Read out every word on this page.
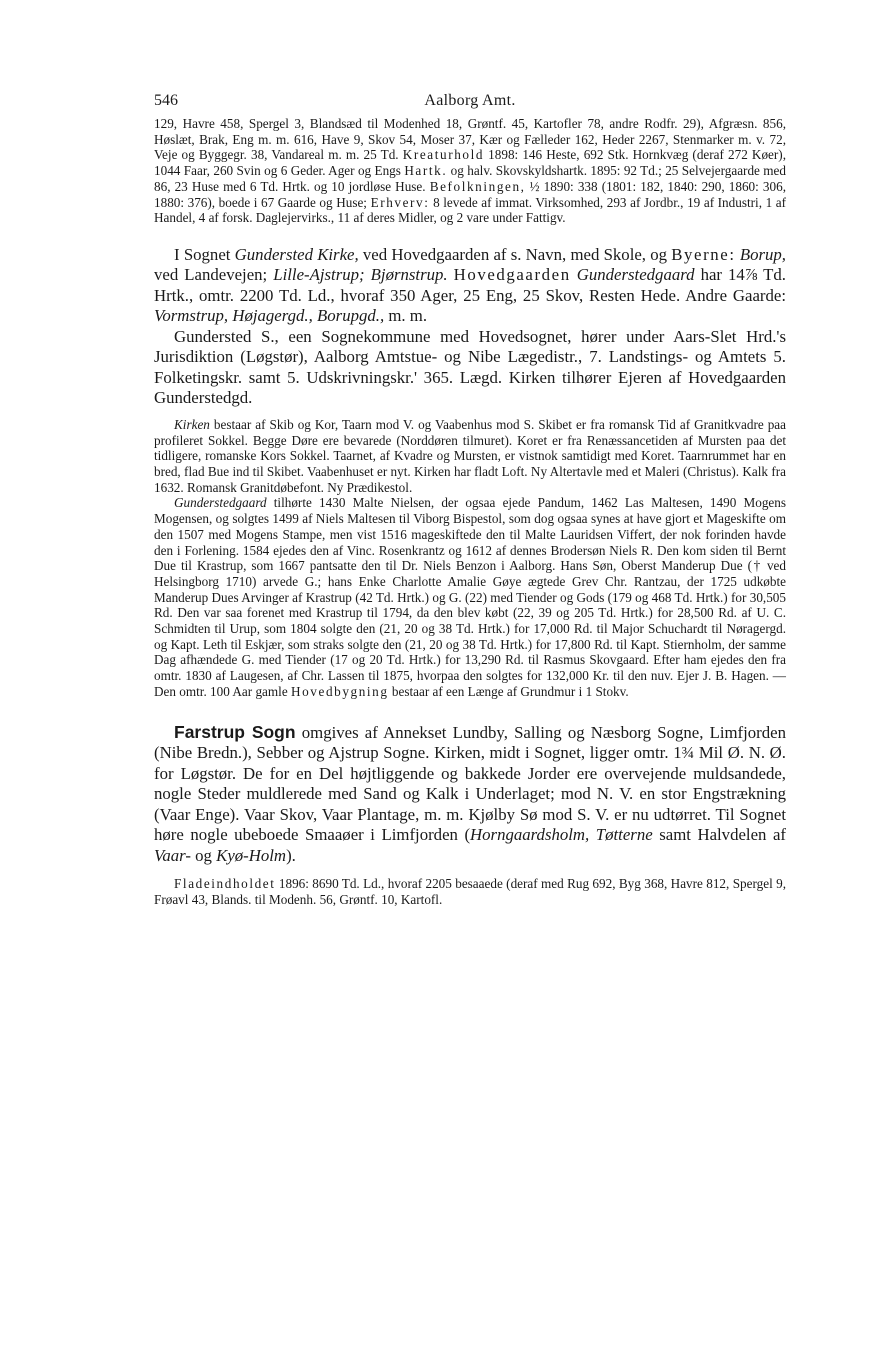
546	Aalborg Amt.

129, Havre 458, Spergel 3, Blandsæd til Modenhed 18, Grøntf. 45, Kartofler 78, andre Rodfr. 29), Afgræsn. 856, Høslæt, Brak, Eng m. m. 616, Have 9, Skov 54, Moser 37, Kær og Fælleder 162, Heder 2267, Stenmarker m. v. 72, Veje og Byggegr. 38, Vandareal m. m. 25 Td. Kreaturhold 1898: 146 Heste, 692 Stk. Hornkvæg (deraf 272 Køer), 1044 Faar, 260 Svin og 6 Geder. Ager og Engs Hartk. og halv. Skovskyldshartk. 1895: 92 Td.; 25 Selvejergaarde med 86, 23 Huse med 6 Td. Hrtk. og 10 jordløse Huse. Befolkningen, ½ 1890: 338 (1801: 182, 1840: 290, 1860: 306, 1880: 376), boede i 67 Gaarde og Huse; Erhverv: 8 levede af immat. Virksomhed, 293 af Jordbr., 19 af Industri, 1 af Handel, 4 af forsk. Daglejervirks., 11 af deres Midler, og 2 vare under Fattigv.

I Sognet Gundersted Kirke, ved Hovedgaarden af s. Navn, med Skole, og Byerne: Borup, ved Landevejen; Lille-Ajstrup; Bjørnstrup. Hovedgaarden Gunderstedgaard har 14⅞ Td. Hrtk., omtr. 2200 Td. Ld., hvoraf 350 Ager, 25 Eng, 25 Skov, Resten Hede. Andre Gaarde: Vormstrup, Højagergd., Borupgd., m. m.

Gundersted S., een Sognekommune med Hovedsognet, hører under Aars-Slet Hrd.'s Jurisdiktion (Løgstør), Aalborg Amtstue- og Nibe Lægedistr., 7. Landstings- og Amtets 5. Folketingskr. samt 5. Udskrivningskr.' 365. Lægd. Kirken tilhører Ejeren af Hovedgaarden Gunderstedgd.

Kirken bestaar af Skib og Kor, Taarn mod V. og Vaabenhus mod S. Skibet er fra romansk Tid af Granitkvadre paa profileret Sokkel. Begge Døre ere bevarede (Norddøren tilmuret). Koret er fra Renæssancetiden af Mursten paa det tidligere, romanske Kors Sokkel. Taarnet, af Kvadre og Mursten, er vistnok samtidigt med Koret. Taarnrummet har en bred, flad Bue ind til Skibet. Vaabenhuset er nyt. Kirken har fladt Loft. Ny Altertavle med et Maleri (Christus). Kalk fra 1632. Romansk Granitdøbefont. Ny Prædikestol.

Gunderstedgaard tilhørte 1430 Malte Nielsen, der ogsaa ejede Pandum, 1462 Las Maltesen, 1490 Mogens Mogensen, og solgtes 1499 af Niels Maltesen til Viborg Bispestol, som dog ogsaa synes at have gjort et Mageskifte om den 1507 med Mogens Stampe, men vist 1516 mageskiftede den til Malte Lauridsen Viffert, der nok forinden havde den i Forlening. 1584 ejedes den af Vinc. Rosenkrantz og 1612 af dennes Brodersøn Niels R. Den kom siden til Bernt Due til Krastrup, som 1667 pantsatte den til Dr. Niels Benzon i Aalborg. Hans Søn, Oberst Manderup Due († ved Helsingborg 1710) arvede G.; hans Enke Charlotte Amalie Gøye ægtede Grev Chr. Rantzau, der 1725 udkøbte Manderup Dues Arvinger af Krastrup (42 Td. Hrtk.) og G. (22) med Tiender og Gods (179 og 468 Td. Hrtk.) for 30,505 Rd. Den var saa forenet med Krastrup til 1794, da den blev købt (22, 39 og 205 Td. Hrtk.) for 28,500 Rd. af U. C. Schmidten til Urup, som 1804 solgte den (21, 20 og 38 Td. Hrtk.) for 17,000 Rd. til Major Schuchardt til Nøragergd. og Kapt. Leth til Eskjær, som straks solgte den (21, 20 og 38 Td. Hrtk.) for 17,800 Rd. til Kapt. Stiernholm, der samme Dag afhændede G. med Tiender (17 og 20 Td. Hrtk.) for 13,290 Rd. til Rasmus Skovgaard. Efter ham ejedes den fra omtr. 1830 af Laugesen, af Chr. Lassen til 1875, hvorpaa den solgtes for 132,000 Kr. til den nuv. Ejer J. B. Hagen. — Den omtr. 100 Aar gamle Hovedbygning bestaar af een Længe af Grundmur i 1 Stokv.

Farstrup Sogn omgives af Annekset Lundby, Salling og Næsborg Sogne, Limfjorden (Nibe Bredn.), Sebber og Ajstrup Sogne. Kirken, midt i Sognet, ligger omtr. 1¾ Mil Ø. N. Ø. for Løgstør. De for en Del højtliggende og bakkede Jorder ere overvejende muldsandede, nogle Steder muldlerede med Sand og Kalk i Underlaget; mod N. V. en stor Engstrækning (Vaar Enge). Vaar Skov, Vaar Plantage, m. m. Kjølby Sø mod S. V. er nu udtørret. Til Sognet høre nogle ubeboede Smaaøer i Limfjorden (Horngaardsholm, Tøtterne samt Halvdelen af Vaar- og Kyø-Holm).

Fladeindholdet 1896: 8690 Td. Ld., hvoraf 2205 besaaede (deraf med Rug 692, Byg 368, Havre 812, Spergel 9, Frøavl 43, Blands. til Modenh. 56, Grøntf. 10, Kartofl.
